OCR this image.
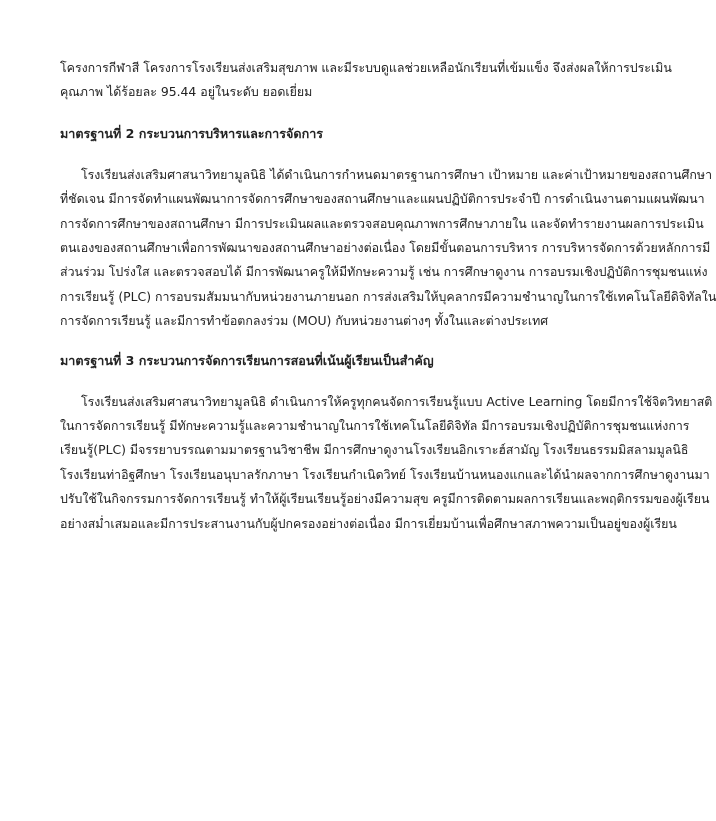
โครงการกีฬาสี โครงการโรงเรียนส่งเสริมสุขภาพ และมีระบบดูแลช่วยเหลือนักเรียนที่เข้มแข็ง จึงส่งผลให้การประเมิน
คุณภาพ ได้ร้อยละ 95.44 อยู่ในระดับ ยอดเยี่ยม

มาตรฐานที่ 2 กระบวนการบริหารและการจัดการ

โรงเรียนส่งเสริมศาสนาวิทยามูลนิธิ ได้ดำเนินการกำหนดมาตรฐานการศึกษา เป้าหมาย และค่าเป้าหมายของสถานศึกษา
ที่ชัดเจน มีการจัดทำแผนพัฒนาการจัดการศึกษาของสถานศึกษาและแผนปฏิบัติการประจำปี การดำเนินงานตามแผนพัฒนา
การจัดการศึกษาของสถานศึกษา มีการประเมินผลและตรวจสอบคุณภาพการศึกษาภายใน และจัดทำรายงานผลการประเมิน
ตนเองของสถานศึกษาเพื่อการพัฒนาของสถานศึกษาอย่างต่อเนื่อง โดยมีขั้นตอนการบริหาร การบริหารจัดการด้วยหลักการมี
ส่วนร่วม โปร่งใส และตรวจสอบได้ มีการพัฒนาครูให้มีทักษะความรู้ เช่น การศึกษาดูงาน การอบรมเชิงปฏิบัติการชุมชนแห่ง
การเรียนรู้ (PLC) การอบรมสัมมนากับหน่วยงานภายนอก การส่งเสริมให้บุคลากรมีความชำนาญในการใช้เทคโนโลยีดิจิทัลใน
การจัดการเรียนรู้ และมีการทำข้อตกลงร่วม (MOU) กับหน่วยงานต่างๆ ทั้งในและต่างประเทศ

มาตรฐานที่ 3 กระบวนการจัดการเรียนการสอนที่เน้นผู้เรียนเป็นสำคัญ

โรงเรียนส่งเสริมศาสนาวิทยามูลนิธิ ดำเนินการให้ครูทุกคนจัดการเรียนรู้แบบ Active Learning โดยมีการใช้จิตวิทยาสติ
ในการจัดการเรียนรู้ มีทักษะความรู้และความชำนาญในการใช้เทคโนโลยีดิจิทัล มีการอบรมเชิงปฏิบัติการชุมชนแห่งการ
เรียนรู้(PLC) มีจรรยาบรรณตามมาตรฐานวิชาชีพ มีการศึกษาดูงานโรงเรียนอิกเราะฮ์สามัญ โรงเรียนธรรมมิสลามมูลนิธิ
โรงเรียนท่าอิฐศึกษา โรงเรียนอนุบาลรักภาษา โรงเรียนกำเนิดวิทย์ โรงเรียนบ้านหนองแกและได้นำผลจากการศึกษาดูงานมา
ปรับใช้ในกิจกรรมการจัดการเรียนรู้ ทำให้ผู้เรียนเรียนรู้อย่างมีความสุข ครูมีการติดตามผลการเรียนและพฤติกรรมของผู้เรียน
อย่างสม่ำเสมอและมีการประสานงานกับผู้ปกครองอย่างต่อเนื่อง มีการเยี่ยมบ้านเพื่อศึกษาสภาพความเป็นอยู่ของผู้เรียน
